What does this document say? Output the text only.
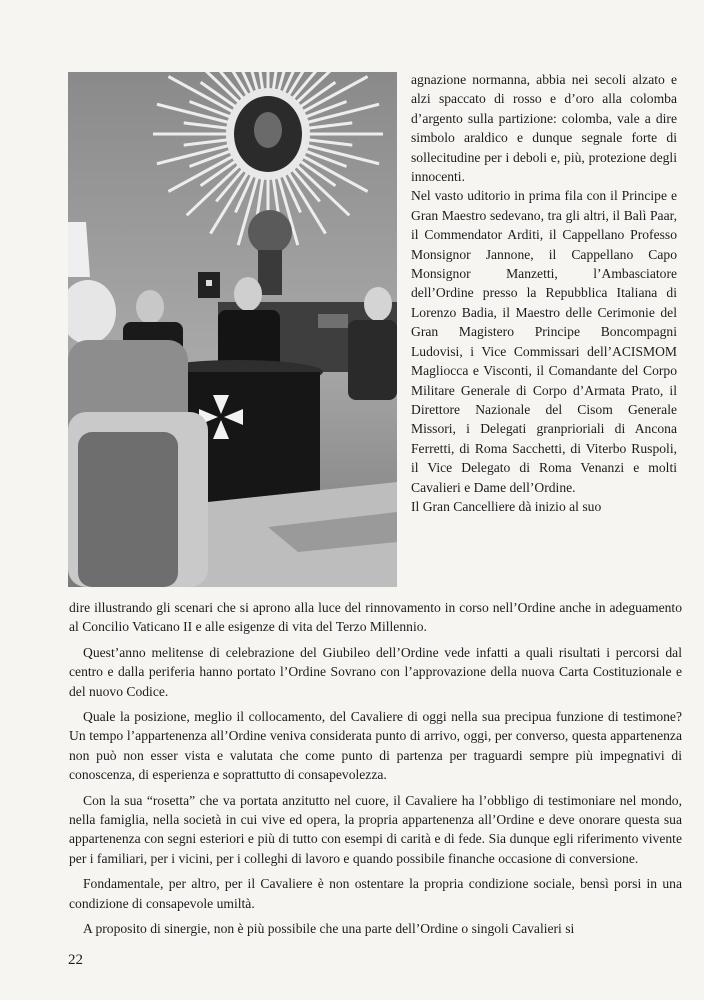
agnazione normanna, abbia nei secoli alzato e alzi spaccato di rosso e d’oro alla colomba d’argento sulla partizione: colomba, vale a dire simbolo araldico e dunque segnale forte di sollecitudine per i deboli e, più, protezione degli innocenti.

Nel vasto uditorio in prima fila con il Principe e Gran Maestro sedevano, tra gli altri, il Balì Paar, il Commendator Arditi, il Cappellano Professo Monsignor Jannone, il Cappellano Capo Monsignor Manzetti, l’Ambasciatore dell’Ordine presso la Repubblica Italiana di Lorenzo Badia, il Maestro delle Cerimonie del Gran Magistero Principe Boncompagni Ludovisi, i Vice Commissari dell’ACISMOM Magliocca e Visconti, il Comandante del Corpo Militare Generale di Corpo d’Armata Prato, il Direttore Nazionale del Cisom Generale Missori, i Delegati granprioriali di Ancona Ferretti, di Roma Sacchetti, di Viterbo Ruspoli, il Vice Delegato di Roma Venanzi e molti Cavalieri e Dame dell’Ordine.

Il Gran Cancelliere dà inizio al suo

dire illustrando gli scenari che si aprono alla luce del rinnovamento in corso nell’Ordine anche in adeguamento al Concilio Vaticano II e alle esigenze di vita del Terzo Millennio.

Quest’anno melitense di celebrazione del Giubileo dell’Ordine vede infatti a quali risultati i percorsi dal centro e dalla periferia hanno portato l’Ordine Sovrano con l’approvazione della nuova Carta Costituzionale e del nuovo Codice.

Quale la posizione, meglio il collocamento, del Cavaliere di oggi nella sua precipua funzione di testimone? Un tempo l’appartenenza all’Ordine veniva considerata punto di arrivo, oggi, per converso, questa appartenenza non può non esser vista e valutata che come punto di partenza per traguardi sempre più impegnativi di conoscenza, di esperienza e soprattutto di consapevolezza.

Con la sua “rosetta” che va portata anzitutto nel cuore, il Cavaliere ha l’obbligo di testimoniare nel mondo, nella famiglia, nella società in cui vive ed opera, la propria appartenenza all’Ordine e deve onorare questa sua appartenenza con segni esteriori e più di tutto con esempi di carità e di fede. Sia dunque egli riferimento vivente per i familiari, per i vicini, per i colleghi di lavoro e quando possibile finanche occasione di conversione.

Fondamentale, per altro, per il Cavaliere è non ostentare la propria condizione sociale, bensì porsi in una condizione di consapevole umiltà.

A proposito di sinergie, non è più possibile che una parte dell’Ordine o singoli Cavalieri si

22
